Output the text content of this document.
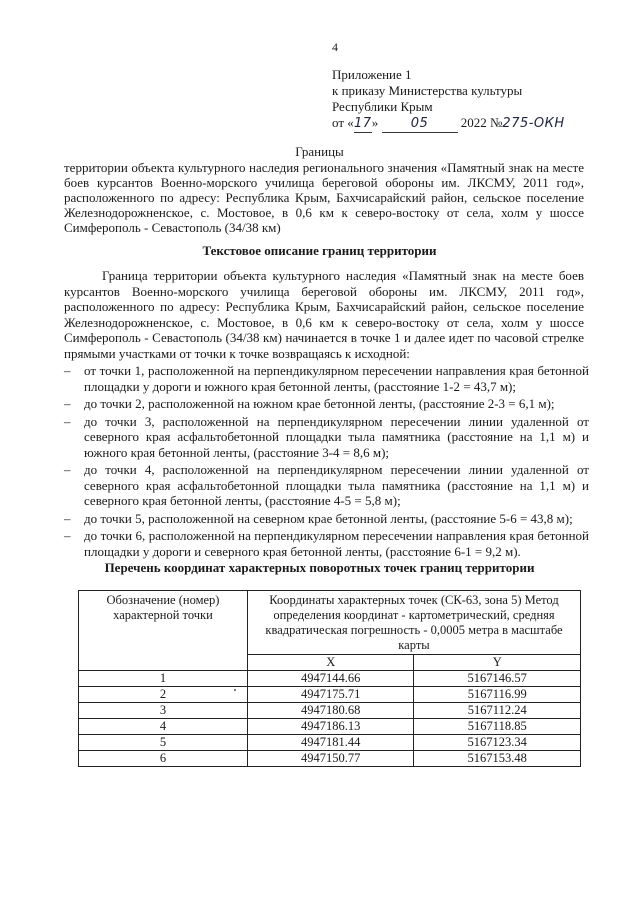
4
Приложение 1
к приказу Министерства культуры
Республики Крым
от «17» 05 2022 №275-ОКН
Границы
территории объекта культурного наследия регионального значения «Памятный знак на месте боев курсантов Военно-морского училища береговой обороны им. ЛКСМУ, 2011 год», расположенного по адресу: Республика Крым, Бахчисарайский район, сельское поселение Железнодорожненское, с. Мостовое, в 0,6 км к северо-востоку от села, холм у шоссе Симферополь - Севастополь (34/38 км)
Текстовое описание границ территории
Граница территории объекта культурного наследия «Памятный знак на месте боев курсантов Военно-морского училища береговой обороны им. ЛКСМУ, 2011 год», расположенного по адресу: Республика Крым, Бахчисарайский район, сельское поселение Железнодорожненское, с. Мостовое, в 0,6 км к северо-востоку от села, холм у шоссе Симферополь - Севастополь (34/38 км) начинается в точке 1 и далее идет по часовой стрелке прямыми участками от точки к точке возвращаясь к исходной:
– от точки 1, расположенной на перпендикулярном пересечении направления края бетонной площадки у дороги и южного края бетонной ленты, (расстояние 1-2 = 43,7 м);
– до точки 2, расположенной на южном крае бетонной ленты, (расстояние 2-3 = 6,1 м);
– до точки 3, расположенной на перпендикулярном пересечении линии удаленной от северного края асфальтобетонной площадки тыла памятника (расстояние на 1,1 м) и южного края бетонной ленты, (расстояние 3-4 = 8,6 м);
– до точки 4, расположенной на перпендикулярном пересечении линии удаленной от северного края асфальтобетонной площадки тыла памятника (расстояние на 1,1 м) и северного края бетонной ленты, (расстояние 4-5 = 5,8 м);
– до точки 5, расположенной на северном крае бетонной ленты, (расстояние 5-6 = 43,8 м);
– до точки 6, расположенной на перпендикулярном пересечении направления края бетонной площадки у дороги и северного края бетонной ленты, (расстояние 6-1 = 9,2 м).
Перечень координат характерных поворотных точек границ территории
Обозначение (номер) характерной точки	Координаты характерных точек (СК-63, зона 5) Метод определения координат - картометрический, средняя квадратическая погрешность - 0,0005 метра в масштабе карты	
	X	Y
1	4947144.66	5167146.57
2	4947175.71	5167116.99
3	4947180.68	5167112.24
4	4947186.13	5167118.85
5	4947181.44	5167123.34
6	4947150.77	5167153.48
